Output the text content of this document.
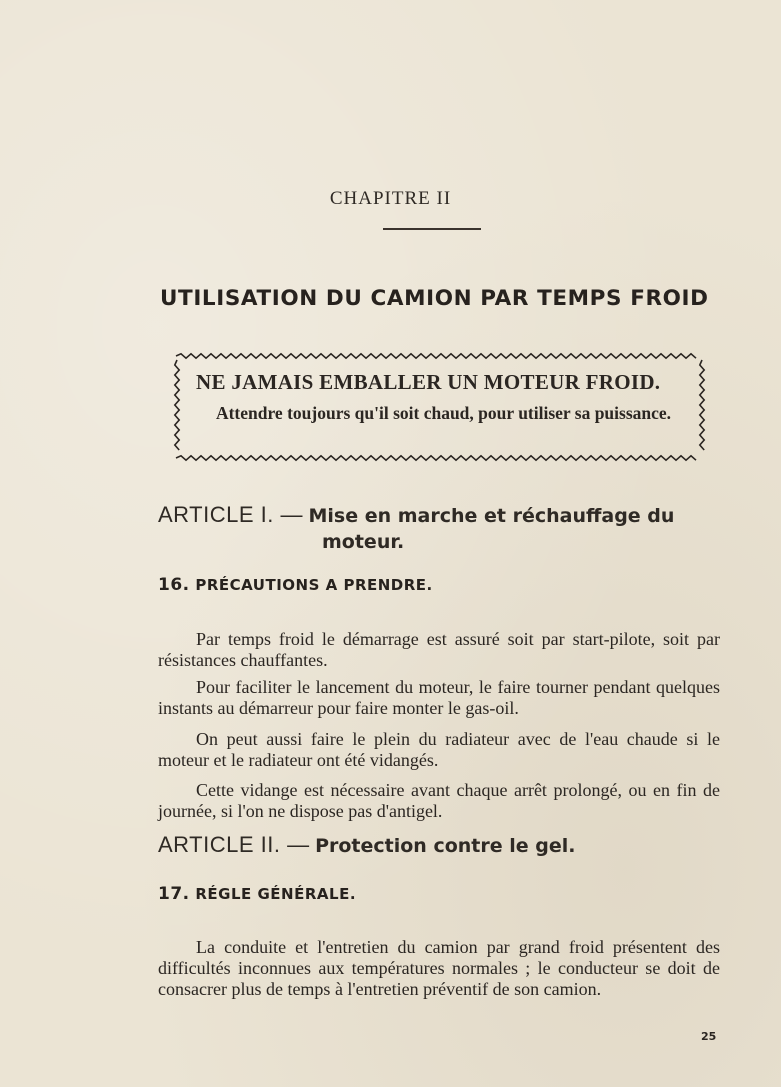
CHAPITRE II
UTILISATION DU CAMION PAR TEMPS FROID
NE JAMAIS EMBALLER UN MOTEUR FROID.
Attendre toujours qu'il soit chaud, pour utiliser sa puissance.
ARTICLE I. — Mise en marche et réchauffage du
moteur.
16. PRÉCAUTIONS A PRENDRE.

Par temps froid le démarrage est assuré soit par start-pilote, soit par résistances chauffantes.

Pour faciliter le lancement du moteur, le faire tourner pendant quelques instants au démarreur pour faire monter le gas-oil.

On peut aussi faire le plein du radiateur avec de l'eau chaude si le moteur et le radiateur ont été vidangés.

Cette vidange est nécessaire avant chaque arrêt prolongé, ou en fin de journée, si l'on ne dispose pas d'antigel.

ARTICLE II. — Protection contre le gel.
17. RÉGLE GÉNÉRALE.

La conduite et l'entretien du camion par grand froid présentent des difficultés inconnues aux températures normales ; le conducteur se doit de consacrer plus de temps à l'entretien préventif de son camion.

25
